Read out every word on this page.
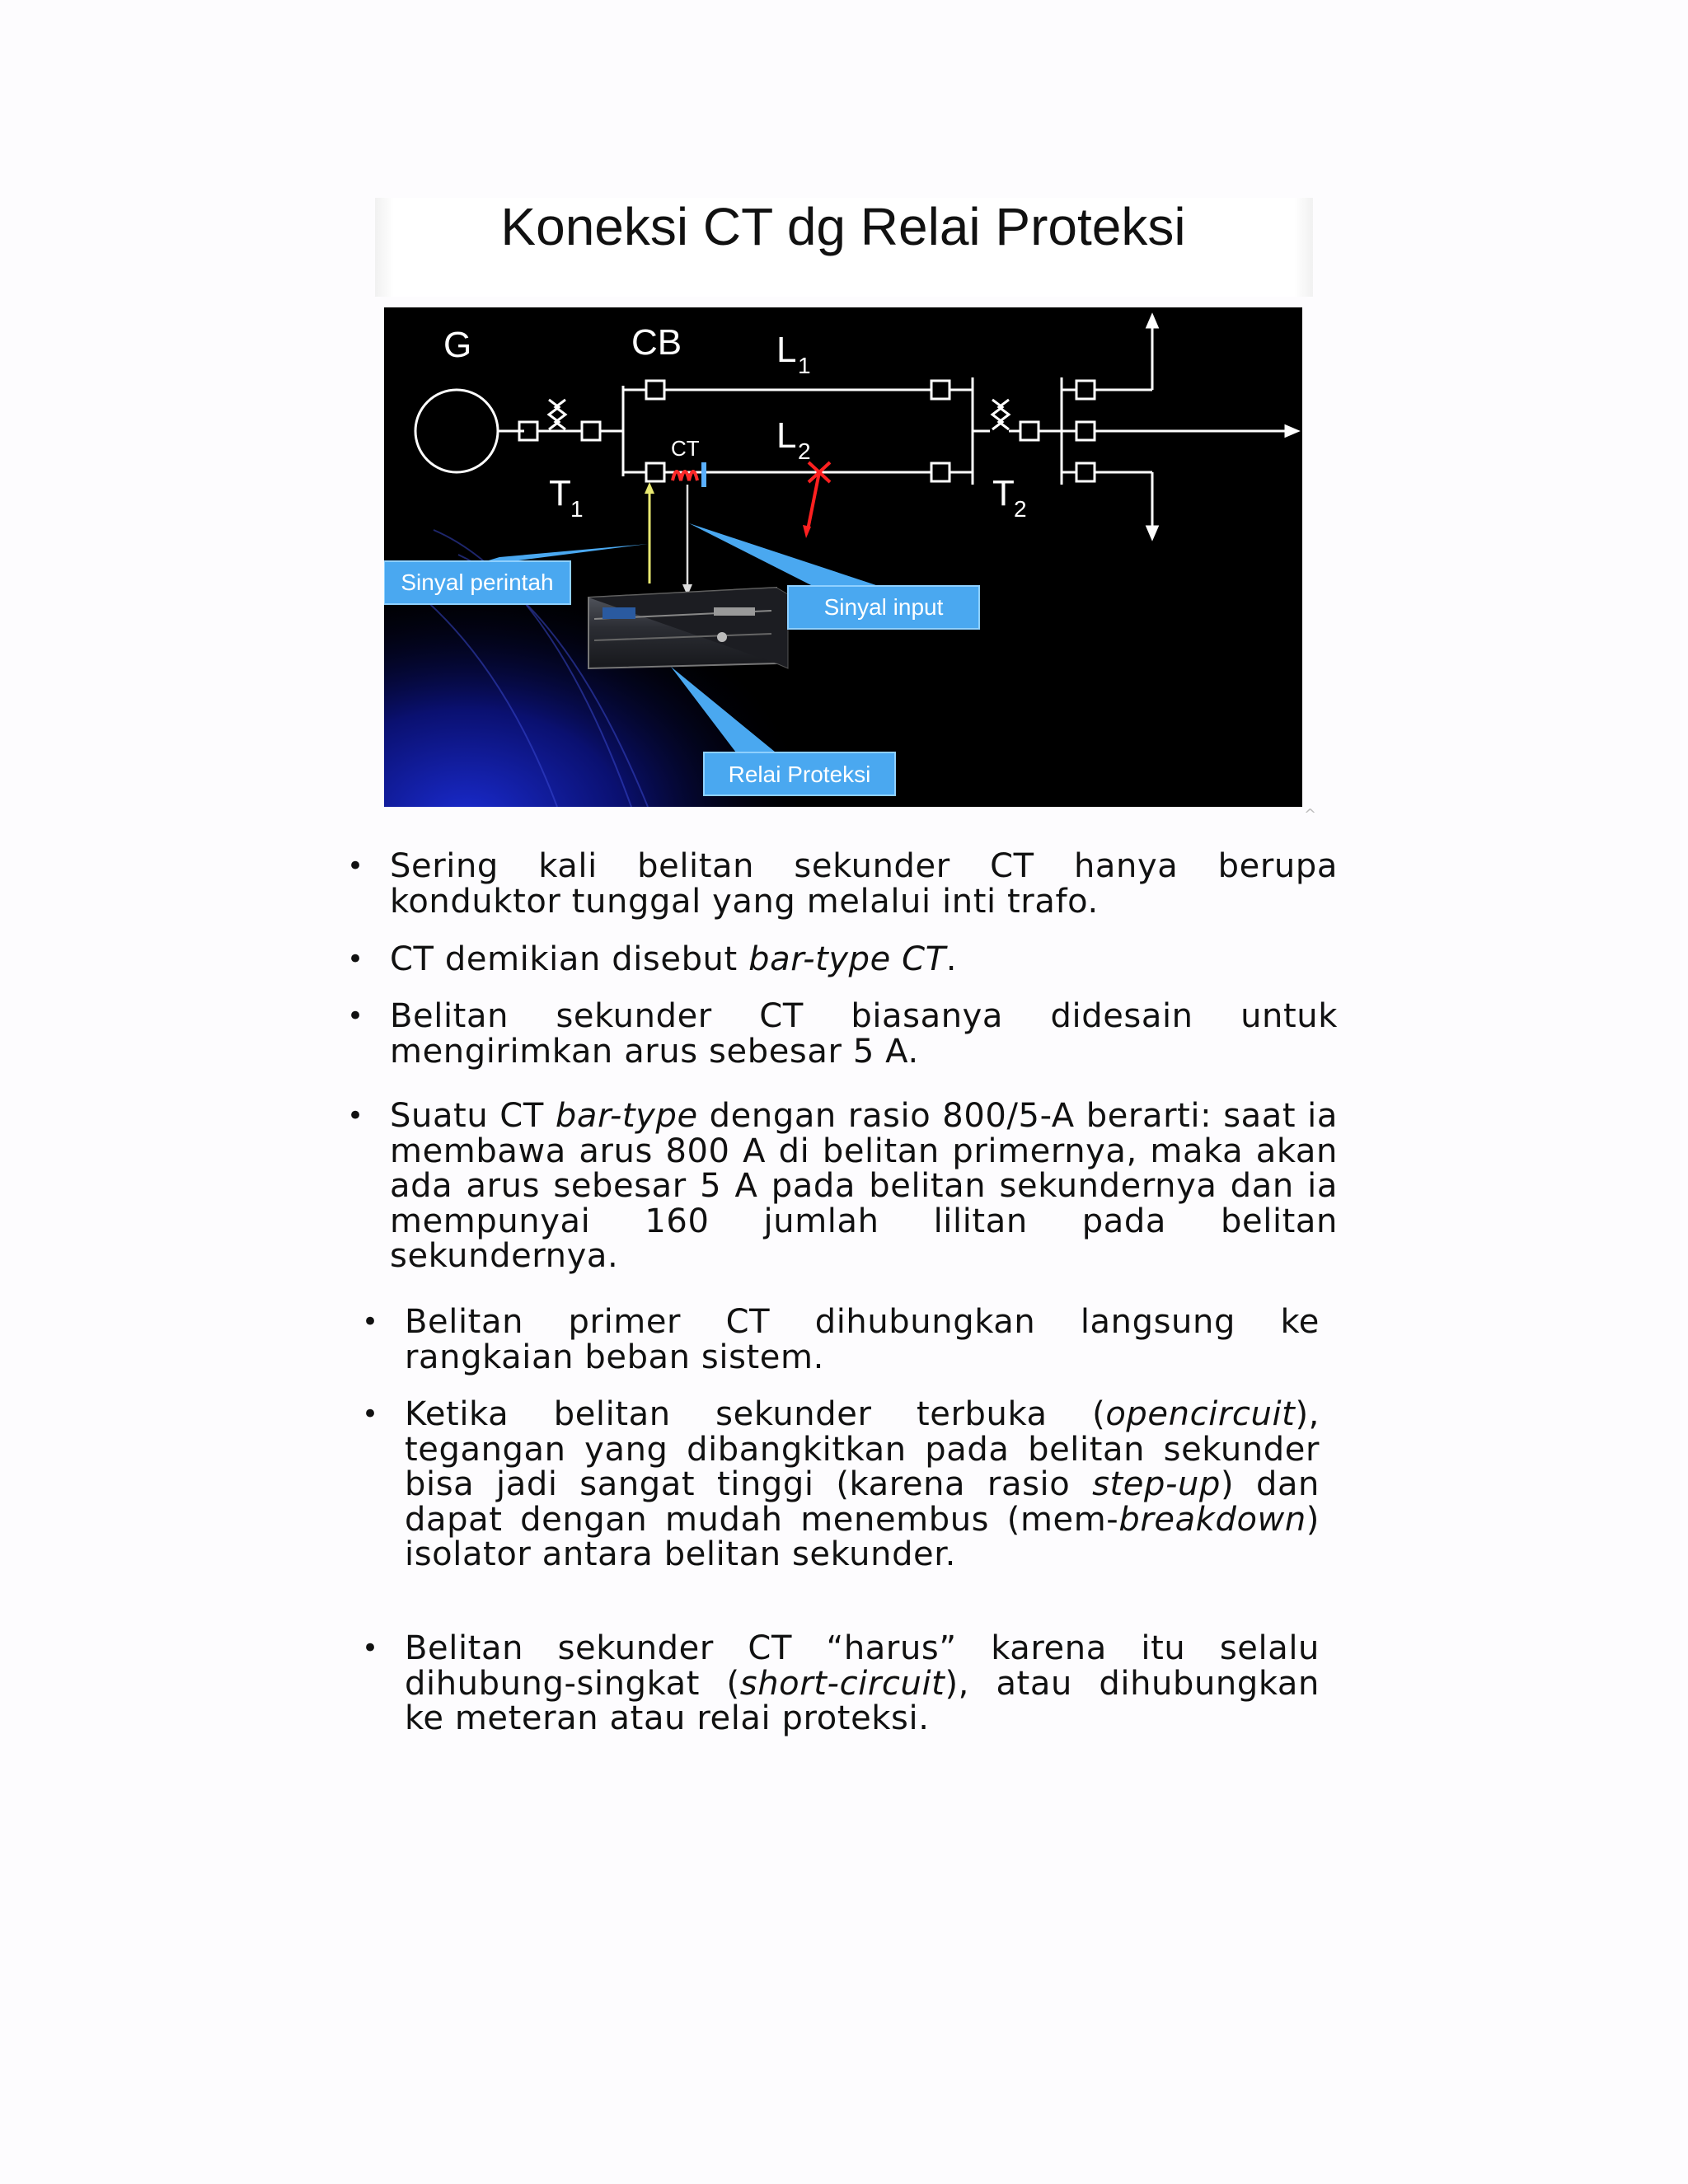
Koneksi CT dg Relai Proteksi
G	CB	L 1
L 2
CT
T 1	T 2
Sinyal perintah
Sinyal input
Relai Proteksi
^
• Sering kali belitan sekunder CT hanya berupa konduktor tunggal yang melalui inti trafo.
• CT demikian disebut bar-type CT.
• Belitan sekunder CT biasanya didesain untuk mengirimkan arus sebesar 5 A.
• Suatu CT bar-type dengan rasio 800/5-A berarti: saat ia membawa arus 800 A di belitan primernya, maka akan ada arus sebesar 5 A pada belitan sekundernya dan ia mempunyai 160 jumlah lilitan pada belitan sekundernya.
• Belitan primer CT dihubungkan langsung ke rangkaian beban sistem.
• Ketika belitan sekunder terbuka (opencircuit), tegangan yang dibangkitkan pada belitan sekunder bisa jadi sangat tinggi (karena rasio step-up) dan dapat dengan mudah menembus (mem-breakdown) isolator antara belitan sekunder.
• Belitan sekunder CT “harus” karena itu selalu dihubung-singkat (short-circuit), atau dihubungkan ke meteran atau relai proteksi.
